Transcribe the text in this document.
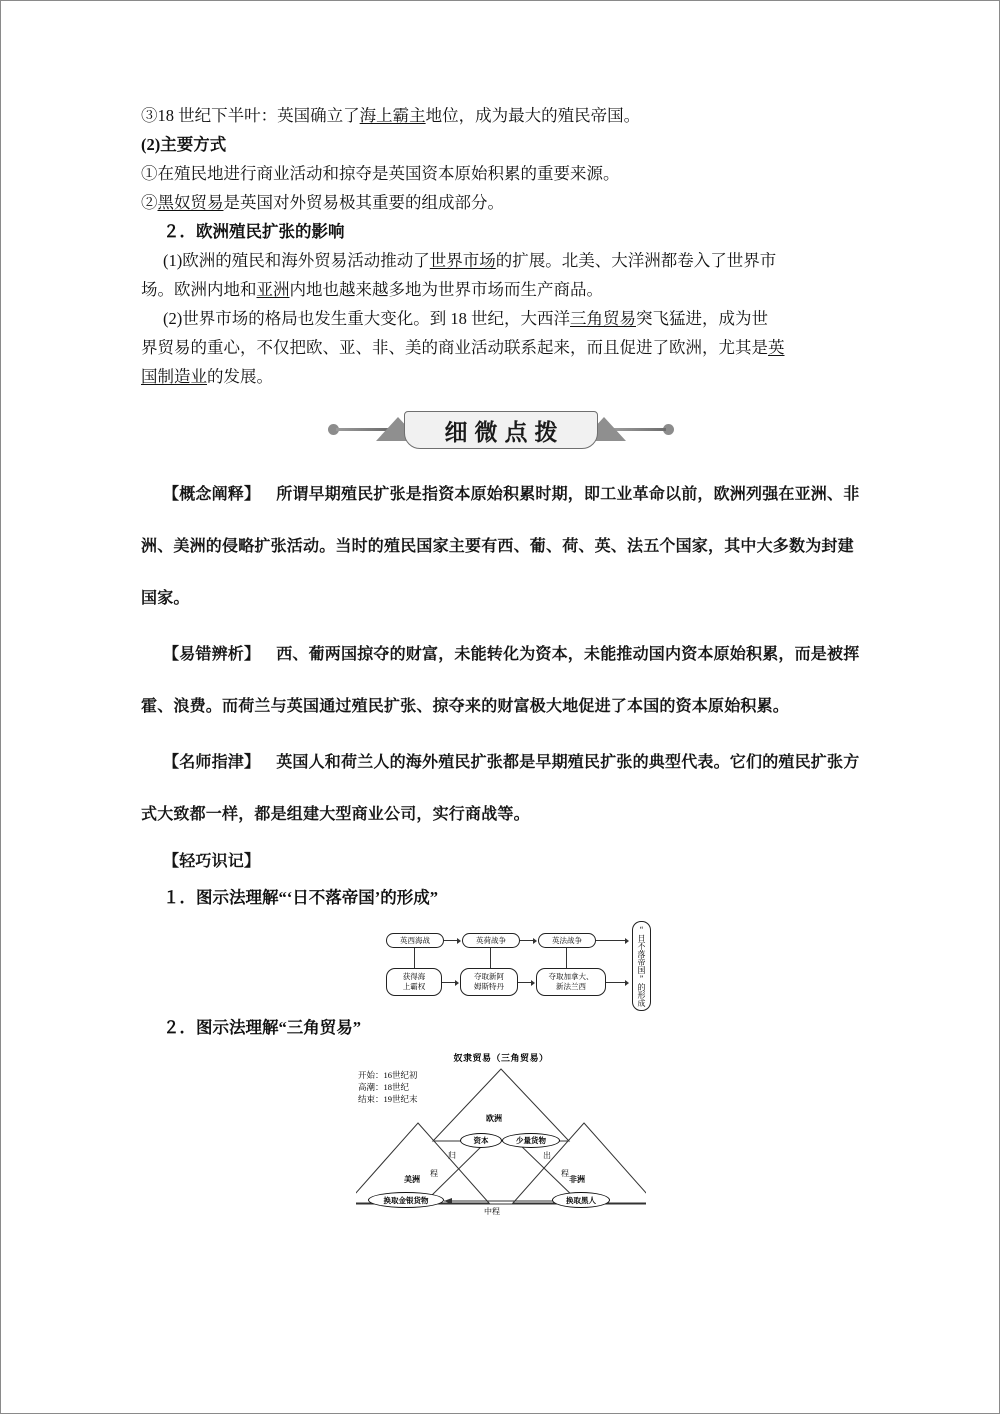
③18 世纪下半叶：英国确立了海上霸主地位，成为最大的殖民帝国。

(2)主要方式

①在殖民地进行商业活动和掠夺是英国资本原始积累的重要来源。

②黑奴贸易是英国对外贸易极其重要的组成部分。

２．欧洲殖民扩张的影响

(1)欧洲的殖民和海外贸易活动推动了世界市场的扩展。北美、大洋洲都卷入了世界市

场。欧洲内地和亚洲内地也越来越多地为世界市场而生产商品。

(2)世界市场的格局也发生重大变化。到 18 世纪，大西洋三角贸易突飞猛进，成为世

界贸易的重心，不仅把欧、亚、非、美的商业活动联系起来，而且促进了欧洲，尤其是英

国制造业的发展。

细微点拨

【概念阐释】 所谓早期殖民扩张是指资本原始积累时期，即工业革命以前，欧洲列强在亚洲、非洲、美洲的侵略扩张活动。当时的殖民国家主要有西、葡、荷、英、法五个国家，其中大多数为封建国家。

【易错辨析】 西、葡两国掠夺的财富，未能转化为资本，未能推动国内资本原始积累，而是被挥霍、浪费。而荷兰与英国通过殖民扩张、掠夺来的财富极大地促进了本国的资本原始积累。

【名师指津】 英国人和荷兰人的海外殖民扩张都是早期殖民扩张的典型代表。它们的殖民扩张方式大致都一样，都是组建大型商业公司，实行商战等。

【轻巧识记】

１．图示法理解“‘日不落帝国’的形成”

英西海战	英荷战争	英法战争
获得海
上霸权
夺取新阿
姆斯特丹
夺取加拿大、
新法兰西	“日不落帝国”的形成

２．图示法理解“三角贸易”

奴隶贸易（三角贸易）
开始：16世纪初
高潮：18世纪
结束：19世纪末
欧洲
资本	少量货物
美洲
换取金银货物
非洲
换取黑人
归
程
出
程
中程
